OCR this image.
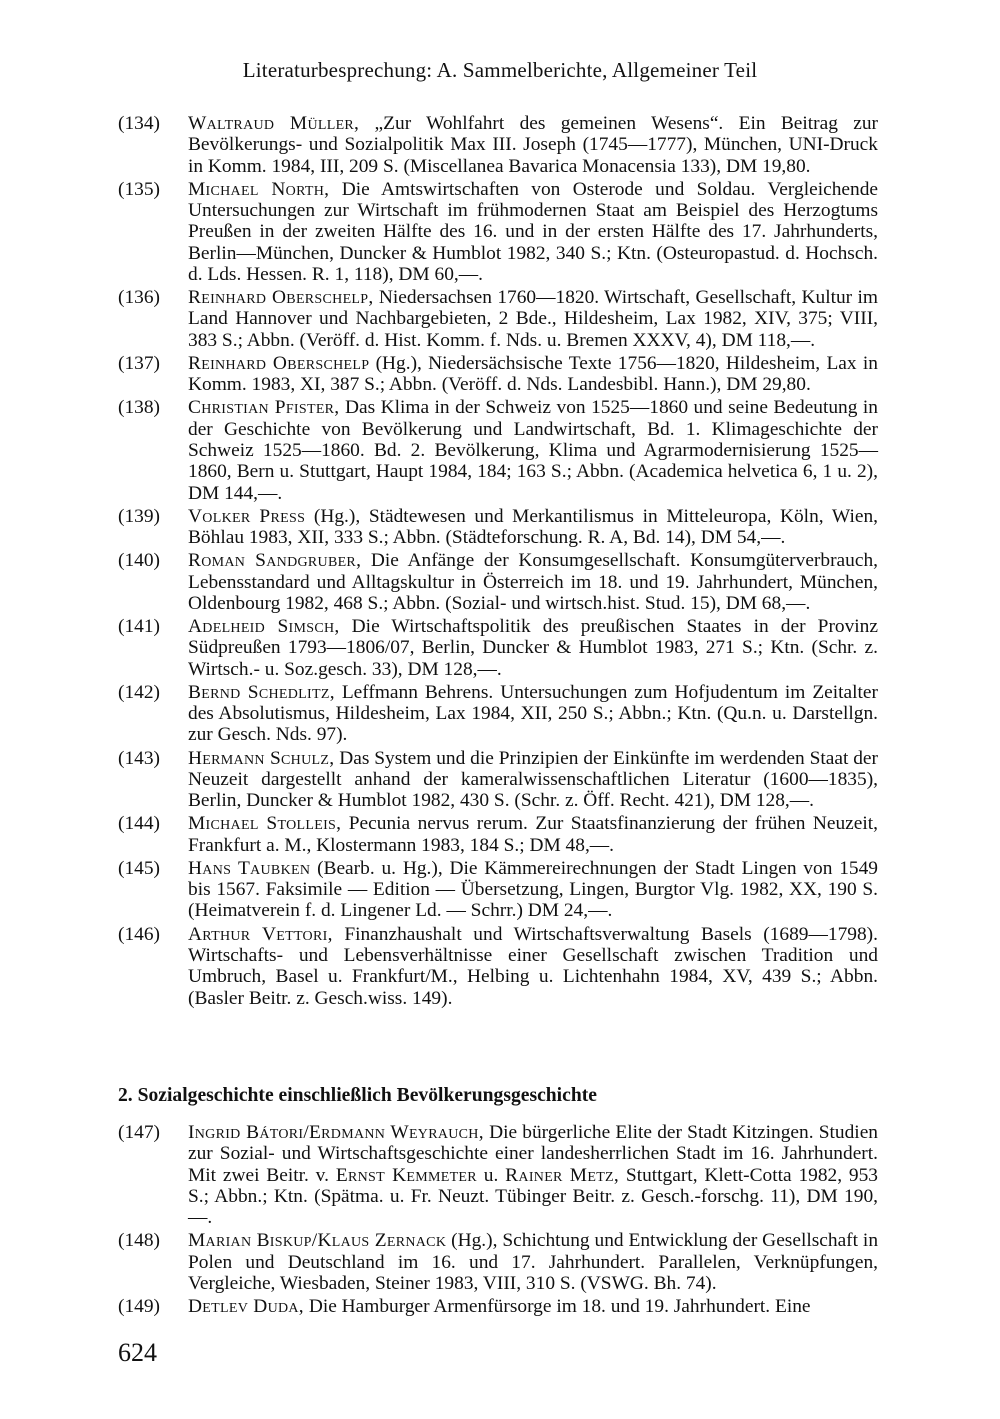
Literaturbesprechung: A. Sammelberichte, Allgemeiner Teil
(134)	Waltraud Müller, „Zur Wohlfahrt des gemeinen Wesens“. Ein Beitrag zur Bevölkerungs- und Sozialpolitik Max III. Joseph (1745—1777), München, UNI-Druck in Komm. 1984, III, 209 S. (Miscellanea Bavarica Monacensia 133), DM 19,80.
(135)	Michael North, Die Amtswirtschaften von Osterode und Soldau. Vergleichende Untersuchungen zur Wirtschaft im frühmodernen Staat am Beispiel des Herzogtums Preußen in der zweiten Hälfte des 16. und in der ersten Hälfte des 17. Jahrhunderts, Berlin—München, Duncker & Humblot 1982, 340 S.; Ktn. (Osteuropastud. d. Hochsch. d. Lds. Hessen. R. 1, 118), DM 60,—.
(136)	Reinhard Oberschelp, Niedersachsen 1760—1820. Wirtschaft, Gesellschaft, Kultur im Land Hannover und Nachbargebieten, 2 Bde., Hildesheim, Lax 1982, XIV, 375; VIII, 383 S.; Abbn. (Veröff. d. Hist. Komm. f. Nds. u. Bremen XXXV, 4), DM 118,—.
(137)	Reinhard Oberschelp (Hg.), Niedersächsische Texte 1756—1820, Hildesheim, Lax in Komm. 1983, XI, 387 S.; Abbn. (Veröff. d. Nds. Landesbibl. Hann.), DM 29,80.
(138)	Christian Pfister, Das Klima in der Schweiz von 1525—1860 und seine Bedeutung in der Geschichte von Bevölkerung und Landwirtschaft, Bd. 1. Klimageschichte der Schweiz 1525—1860. Bd. 2. Bevölkerung, Klima und Agrarmodernisierung 1525—1860, Bern u. Stuttgart, Haupt 1984, 184; 163 S.; Abbn. (Academica helvetica 6, 1 u. 2), DM 144,—.
(139)	Volker Press (Hg.), Städtewesen und Merkantilismus in Mitteleuropa, Köln, Wien, Böhlau 1983, XII, 333 S.; Abbn. (Städteforschung. R. A, Bd. 14), DM 54,—.
(140)	Roman Sandgruber, Die Anfänge der Konsumgesellschaft. Konsumgüterverbrauch, Lebensstandard und Alltagskultur in Österreich im 18. und 19. Jahrhundert, München, Oldenbourg 1982, 468 S.; Abbn. (Sozial- und wirtsch.hist. Stud. 15), DM 68,—.
(141)	Adelheid Simsch, Die Wirtschaftspolitik des preußischen Staates in der Provinz Südpreußen 1793—1806/07, Berlin, Duncker & Humblot 1983, 271 S.; Ktn. (Schr. z. Wirtsch.- u. Soz.gesch. 33), DM 128,—.
(142)	Bernd Schedlitz, Leffmann Behrens. Untersuchungen zum Hofjudentum im Zeitalter des Absolutismus, Hildesheim, Lax 1984, XII, 250 S.; Abbn.; Ktn. (Qu.n. u. Darstellgn. zur Gesch. Nds. 97).
(143)	Hermann Schulz, Das System und die Prinzipien der Einkünfte im werdenden Staat der Neuzeit dargestellt anhand der kameralwissenschaftlichen Literatur (1600—1835), Berlin, Duncker & Humblot 1982, 430 S. (Schr. z. Öff. Recht. 421), DM 128,—.
(144)	Michael Stolleis, Pecunia nervus rerum. Zur Staatsfinanzierung der frühen Neuzeit, Frankfurt a. M., Klostermann 1983, 184 S.; DM 48,—.
(145)	Hans Taubken (Bearb. u. Hg.), Die Kämmereirechnungen der Stadt Lingen von 1549 bis 1567. Faksimile — Edition — Übersetzung, Lingen, Burgtor Vlg. 1982, XX, 190 S. (Heimatverein f. d. Lingener Ld. — Schrr.) DM 24,—.
(146)	Arthur Vettori, Finanzhaushalt und Wirtschaftsverwaltung Basels (1689—1798). Wirtschafts- und Lebensverhältnisse einer Gesellschaft zwischen Tradition und Umbruch, Basel u. Frankfurt/M., Helbing u. Lichtenhahn 1984, XV, 439 S.; Abbn. (Basler Beitr. z. Gesch.wiss. 149).
2. Sozialgeschichte einschließlich Bevölkerungsgeschichte
(147)	Ingrid Bátori/Erdmann Weyrauch, Die bürgerliche Elite der Stadt Kitzingen. Studien zur Sozial- und Wirtschaftsgeschichte einer landesherrlichen Stadt im 16. Jahrhundert. Mit zwei Beitr. v. Ernst Kemmeter u. Rainer Metz, Stuttgart, Klett-Cotta 1982, 953 S.; Abbn.; Ktn. (Spätma. u. Fr. Neuzt. Tübinger Beitr. z. Gesch.-forschg. 11), DM 190,—.
(148)	Marian Biskup/Klaus Zernack (Hg.), Schichtung und Entwicklung der Gesellschaft in Polen und Deutschland im 16. und 17. Jahrhundert. Parallelen, Verknüpfungen, Vergleiche, Wiesbaden, Steiner 1983, VIII, 310 S. (VSWG. Bh. 74).
(149)	Detlev Duda, Die Hamburger Armenfürsorge im 18. und 19. Jahrhundert. Eine
624
